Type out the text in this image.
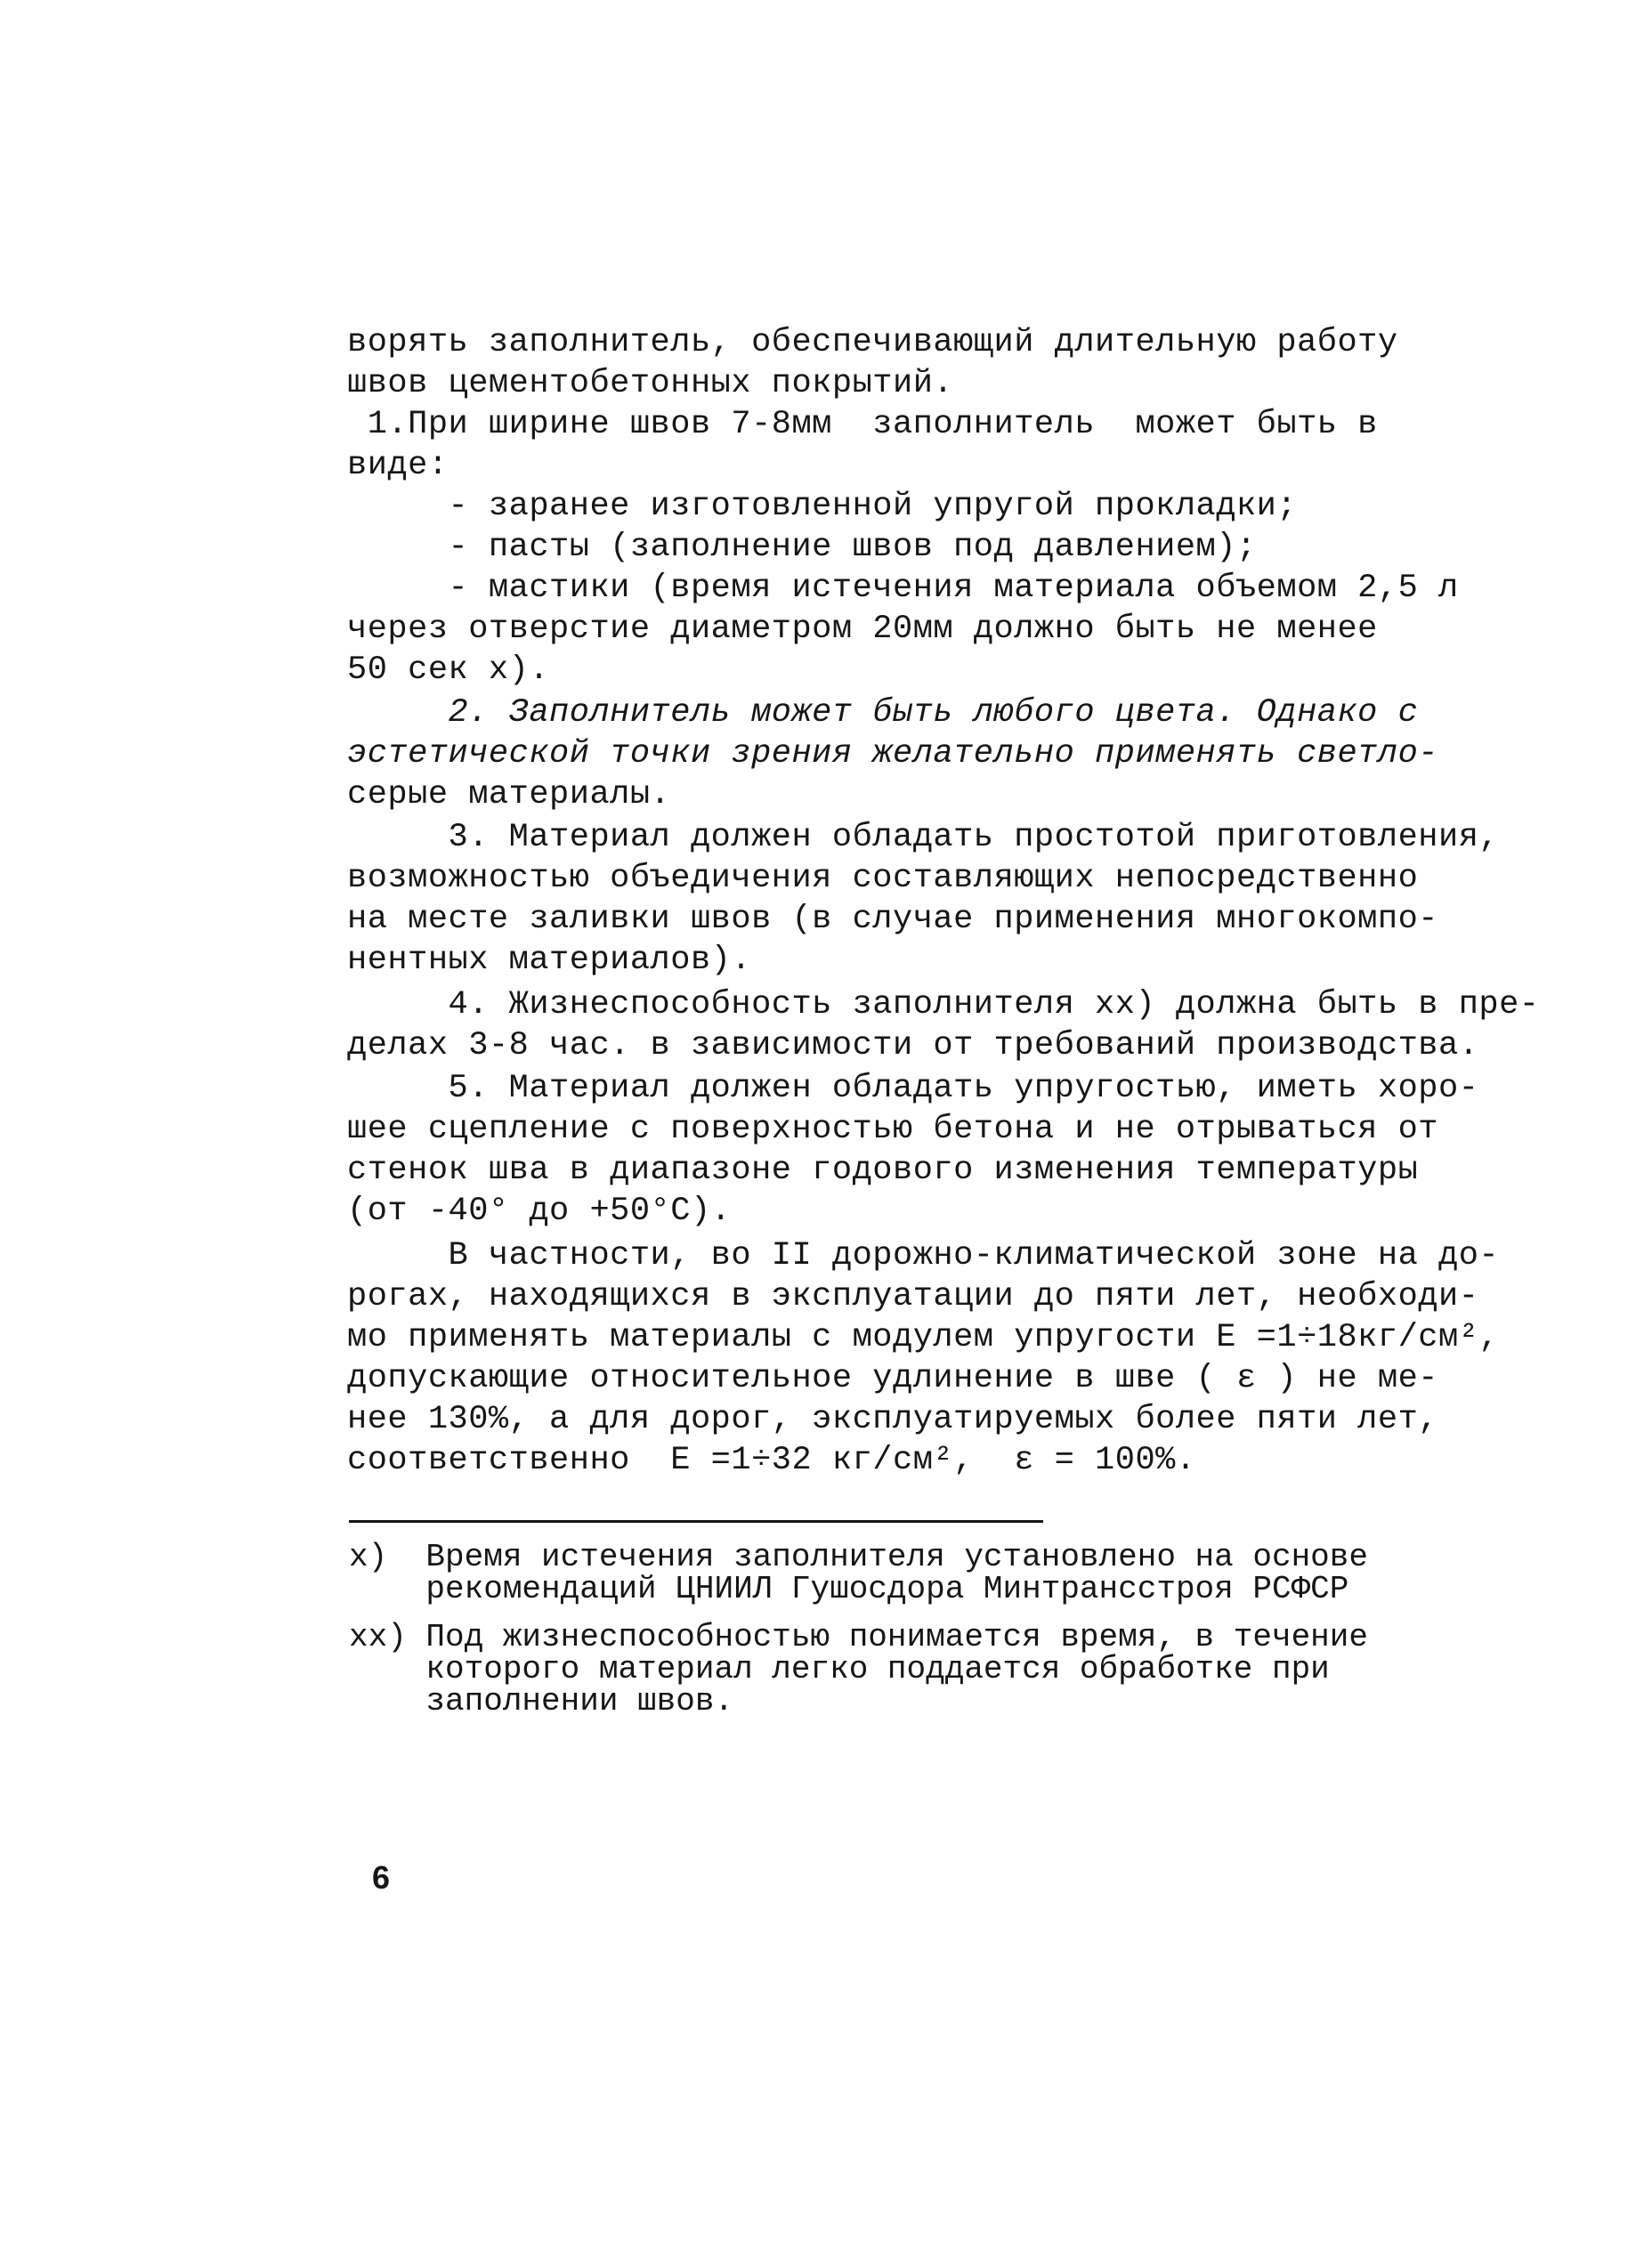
ворять заполнитель, обеспечивающий длительную работу
швов цементобетонных покрытий.
1.При ширине швов 7-8мм  заполнитель  может быть в
виде:
- заранее изготовленной упругой прокладки;
- пасты (заполнение швов под давлением);
- мастики (время истечения материала объемом 2,5 л
через отверстие диаметром 20мм должно быть не менее
50 сек x).
2. Заполнитель может быть любого цвета. Однако с
эстетической точки зрения желательно применять светло-
серые материалы.
3. Материал должен обладать простотой приготовления,
возможностью объедичения составляющих непосредственно
на месте заливки швов (в случае применения многокомпо-
нентных материалов).
4. Жизнеспособность заполнителя xx) должна быть в пре-
делах 3-8 час. в зависимости от требований производства.
5. Материал должен обладать упругостью, иметь хоро-
шее сцепление с поверхностью бетона и не отрываться от
стенок шва в диапазоне годового изменения температуры
(от -40° до +50°С).
В частности, во II дорожно-климатической зоне на до-
рогах, находящихся в эксплуатации до пяти лет, необходи-
мо применять материалы с модулем упругости E =1÷18кг/см²,
допускающие относительное удлинение в шве ( ε ) не ме-
нее 130%, а для дорог, эксплуатируемых более пяти лет,
соответственно  E =1÷32 кг/см²,  ε = 100%.
x)  Время истечения заполнителя установлено на основе
рекомендаций ЦНИИЛ Гушосдора Минтрансстроя РСФСР
xx) Под жизнеспособностью понимается время, в течение
которого материал легко поддается обработке при
заполнении швов.
6
